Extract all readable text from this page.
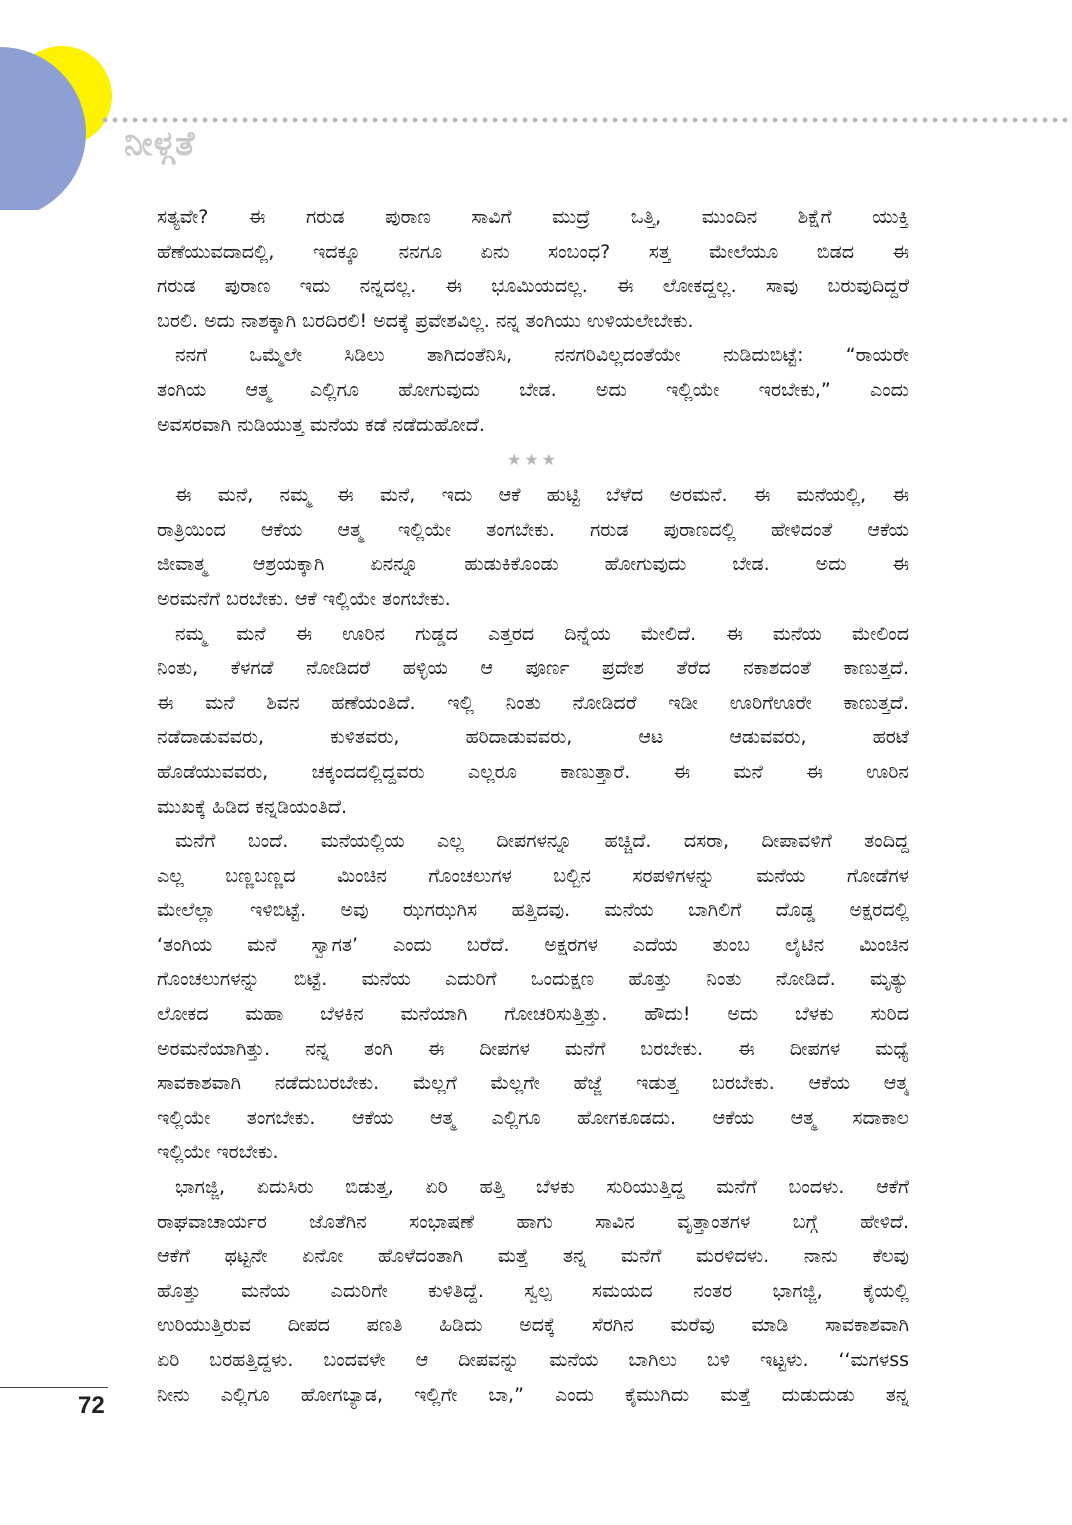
ನೀಳ್ಗತೆ
ಸತ್ಯವೇ? ಈ ಗರುಡ ಪುರಾಣ ಸಾವಿಗೆ ಮುದ್ರೆ ಒತ್ತಿ, ಮುಂದಿನ ಶಿಕ್ಷೆಗೆ ಯುಕ್ತಿ
ಹೆಣೆಯುವದಾದಲ್ಲಿ, ಇದಕ್ಕೂ ನನಗೂ ಏನು ಸಂಬಂಧ? ಸತ್ತ ಮೇಲೆಯೂ ಬಿಡದ ಈ
ಗರುಡ ಪುರಾಣ ಇದು ನನ್ನದಲ್ಲ. ಈ ಭೂಮಿಯದಲ್ಲ. ಈ ಲೋಕದ್ದಲ್ಲ. ಸಾವು ಬರುವುದಿದ್ದರೆ
ಬರಲಿ. ಅದು ನಾಶಕ್ಕಾಗಿ ಬರದಿರಲಿ! ಅದಕ್ಕೆ ಪ್ರವೇಶವಿಲ್ಲ. ನನ್ನ ತಂಗಿಯು ಉಳಿಯಲೇಬೇಕು.
ನನಗೆ ಒಮ್ಮೆಲೇ ಸಿಡಿಲು ತಾಗಿದಂತೆನಿಸಿ, ನನಗರಿವಿಲ್ಲದಂತೆಯೇ ನುಡಿದುಬಿಟ್ಟೆ: “ರಾಯರೇ
ತಂಗಿಯ ಆತ್ಮ ಎಲ್ಲಿಗೂ ಹೋಗುವುದು ಬೇಡ. ಅದು ಇಲ್ಲಿಯೇ ಇರಬೇಕು,” ಎಂದು
ಅವಸರವಾಗಿ ನುಡಿಯುತ್ತ ಮನೆಯ ಕಡೆ ನಡೆದುಹೋದೆ.
★★★
ಈ ಮನೆ, ನಮ್ಮ ಈ ಮನೆ, ಇದು ಆಕೆ ಹುಟ್ಟಿ ಬೆಳೆದ ಅರಮನೆ. ಈ ಮನೆಯಲ್ಲಿ, ಈ
ರಾತ್ರಿಯಿಂದ ಆಕೆಯ ಆತ್ಮ ಇಲ್ಲಿಯೇ ತಂಗಬೇಕು. ಗರುಡ ಪುರಾಣದಲ್ಲಿ ಹೇಳಿದಂತೆ ಆಕೆಯ
ಜೀವಾತ್ಮ ಆಶ್ರಯಕ್ಕಾಗಿ ಏನನ್ನೂ ಹುಡುಕಿಕೊಂಡು ಹೋಗುವುದು ಬೇಡ. ಅದು ಈ
ಅರಮನೆಗೆ ಬರಬೇಕು. ಆಕೆ ಇಲ್ಲಿಯೇ ತಂಗಬೇಕು.
ನಮ್ಮ ಮನೆ ಈ ಊರಿನ ಗುಡ್ಡದ ಎತ್ತರದ ದಿನ್ನೆಯ ಮೇಲಿದೆ. ಈ ಮನೆಯ ಮೇಲಿಂದ
ನಿಂತು, ಕೆಳಗಡೆ ನೋಡಿದರೆ ಹಳ್ಳಿಯ ಆ ಪೂರ್ಣ ಪ್ರದೇಶ ತೆರೆದ ನಕಾಶದಂತೆ ಕಾಣುತ್ತದೆ.
ಈ ಮನೆ ಶಿವನ ಹಣೆಯಂತಿದೆ. ಇಲ್ಲಿ ನಿಂತು ನೋಡಿದರೆ ಇಡೀ ಊರಿಗೆಊರೇ ಕಾಣುತ್ತದೆ.
ನಡೆದಾಡುವವರು, ಕುಳಿತವರು, ಹರಿದಾಡುವವರು, ಆಟ ಆಡುವವರು, ಹರಟೆ
ಹೊಡೆಯುವವರು, ಚಕ್ಕಂದದಲ್ಲಿದ್ದವರು ಎಲ್ಲರೂ ಕಾಣುತ್ತಾರೆ. ಈ ಮನೆ ಈ ಊರಿನ
ಮುಖಕ್ಕೆ ಹಿಡಿದ ಕನ್ನಡಿಯಂತಿದೆ.
ಮನೆಗೆ ಬಂದೆ. ಮನೆಯಲ್ಲಿಯ ಎಲ್ಲ ದೀಪಗಳನ್ನೂ ಹಚ್ಚಿದೆ. ದಸರಾ, ದೀಪಾವಳಿಗೆ ತಂದಿದ್ದ
ಎಲ್ಲ ಬಣ್ಣಬಣ್ಣದ ಮಿಂಚಿನ ಗೊಂಚಲುಗಳ ಬಲ್ಬಿನ ಸರಪಳಿಗಳನ್ನು ಮನೆಯ ಗೋಡೆಗಳ
ಮೇಲೆಲ್ಲಾ ಇಳಿಬಿಟ್ಟೆ. ಅವು ಝಗಝಗಿಸ ಹತ್ತಿದವು. ಮನೆಯ ಬಾಗಿಲಿಗೆ ದೊಡ್ಡ ಅಕ್ಷರದಲ್ಲಿ
‘ತಂಗಿಯ ಮನೆ ಸ್ವಾಗತ’ ಎಂದು ಬರೆದೆ. ಅಕ್ಷರಗಳ ಎದೆಯ ತುಂಬ ಲೈಟಿನ ಮಿಂಚಿನ
ಗೊಂಚಲುಗಳನ್ನು ಬಿಟ್ಟೆ. ಮನೆಯ ಎದುರಿಗೆ ಒಂದುಕ್ಷಣ ಹೊತ್ತು ನಿಂತು ನೋಡಿದೆ. ಮೃತ್ಯು
ಲೋಕದ ಮಹಾ ಬೆಳಕಿನ ಮನೆಯಾಗಿ ಗೋಚರಿಸುತ್ತಿತ್ತು. ಹೌದು! ಅದು ಬೆಳಕು ಸುರಿದ
ಅರಮನೆಯಾಗಿತ್ತು. ನನ್ನ ತಂಗಿ ಈ ದೀಪಗಳ ಮನೆಗೆ ಬರಬೇಕು. ಈ ದೀಪಗಳ ಮಧ್ಯೆ
ಸಾವಕಾಶವಾಗಿ ನಡೆದುಬರಬೇಕು. ಮೆಲ್ಲಗೆ ಮೆಲ್ಲಗೇ ಹೆಜ್ಜೆ ಇಡುತ್ತ ಬರಬೇಕು. ಆಕೆಯ ಆತ್ಮ
ಇಲ್ಲಿಯೇ ತಂಗಬೇಕು. ಆಕೆಯ ಆತ್ಮ ಎಲ್ಲಿಗೂ ಹೋಗಕೂಡದು. ಆಕೆಯ ಆತ್ಮ ಸದಾಕಾಲ
ಇಲ್ಲಿಯೇ ಇರಬೇಕು.
ಭಾಗಜ್ಜಿ, ಏದುಸಿರು ಬಿಡುತ್ತ, ಏರಿ ಹತ್ತಿ ಬೆಳಕು ಸುರಿಯುತ್ತಿದ್ದ ಮನೆಗೆ ಬಂದಳು. ಆಕೆಗೆ
ರಾಘವಾಚಾರ್ಯರ ಜೊತೆಗಿನ ಸಂಭಾಷಣೆ ಹಾಗು ಸಾವಿನ ವೃತ್ತಾಂತಗಳ ಬಗ್ಗೆ ಹೇಳಿದೆ.
ಆಕೆಗೆ ಥಟ್ಟನೇ ಏನೋ ಹೊಳೆದಂತಾಗಿ ಮತ್ತೆ ತನ್ನ ಮನೆಗೆ ಮರಳಿದಳು. ನಾನು ಕೆಲವು
ಹೊತ್ತು ಮನೆಯ ಎದುರಿಗೇ ಕುಳಿತಿದ್ದೆ. ಸ್ವಲ್ಪ ಸಮಯದ ನಂತರ ಭಾಗಜ್ಜಿ, ಕೈಯಲ್ಲಿ
ಉರಿಯುತ್ತಿರುವ ದೀಪದ ಪಣತಿ ಹಿಡಿದು ಅದಕ್ಕೆ ಸೆರಗಿನ ಮರೆವು ಮಾಡಿ ಸಾವಕಾಶವಾಗಿ
ಏರಿ ಬರಹತ್ತಿದ್ದಳು. ಬಂದವಳೇ ಆ ದೀಪವನ್ನು ಮನೆಯ ಬಾಗಿಲು ಬಳಿ ಇಟ್ಟಳು. ‘‘ಮಗಳss
ನೀನು ಎಲ್ಲಿಗೂ ಹೋಗಬ್ಯಾಡ, ಇಲ್ಲಿಗೇ ಬಾ,” ಎಂದು ಕೈಮುಗಿದು ಮತ್ತೆ ದುಡುದುಡು ತನ್ನ
72
